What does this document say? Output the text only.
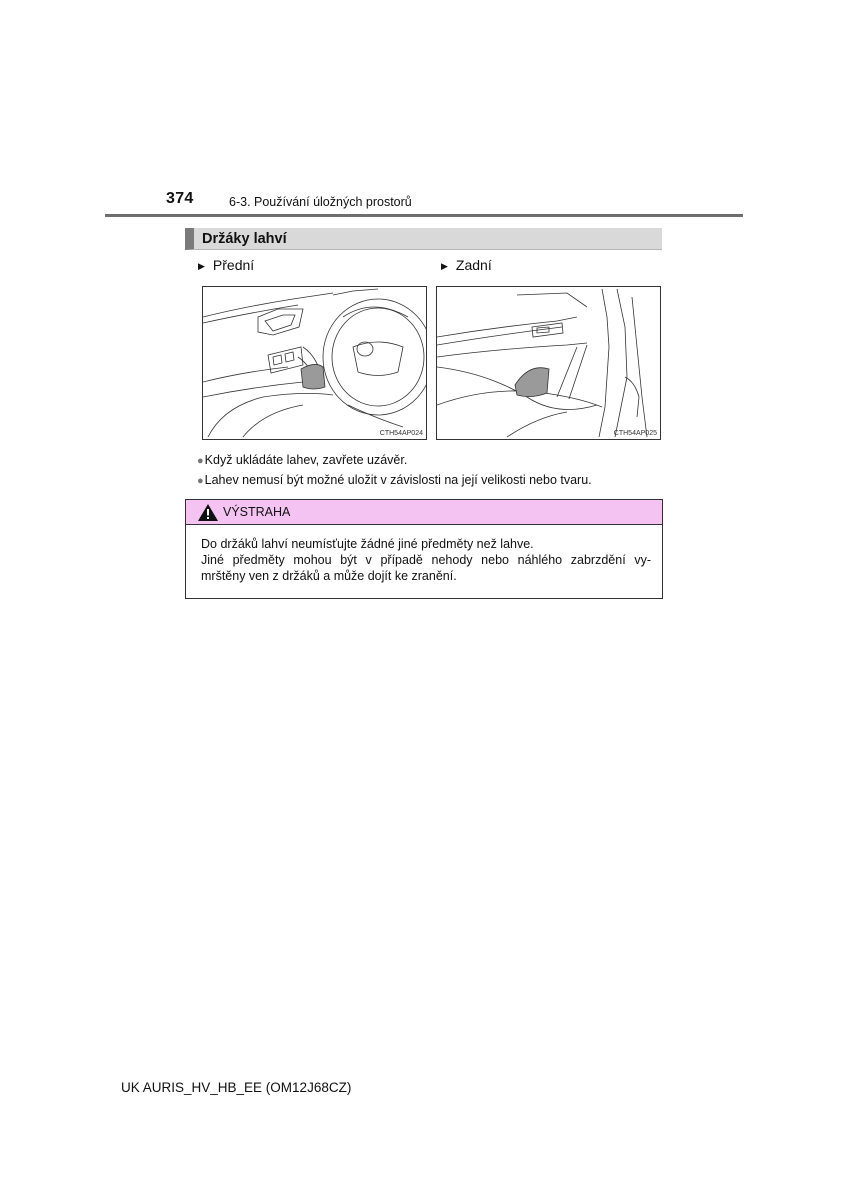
374	6-3. Používání úložných prostorů
Držáky lahví
▶ Přední	▶ Zadní
CTH54AP024	CTH54AP025
●Když ukládáte lahev, zavřete uzávěr.
●Lahev nemusí být možné uložit v závislosti na její velikosti nebo tvaru.
VÝSTRAHA
Do držáků lahví neumísťujte žádné jiné předměty než lahve.
Jiné předměty mohou být v případě nehody nebo náhlého zabrzdění vy-
mrštěny ven z držáků a může dojít ke zranění.
UK AURIS_HV_HB_EE (OM12J68CZ)
